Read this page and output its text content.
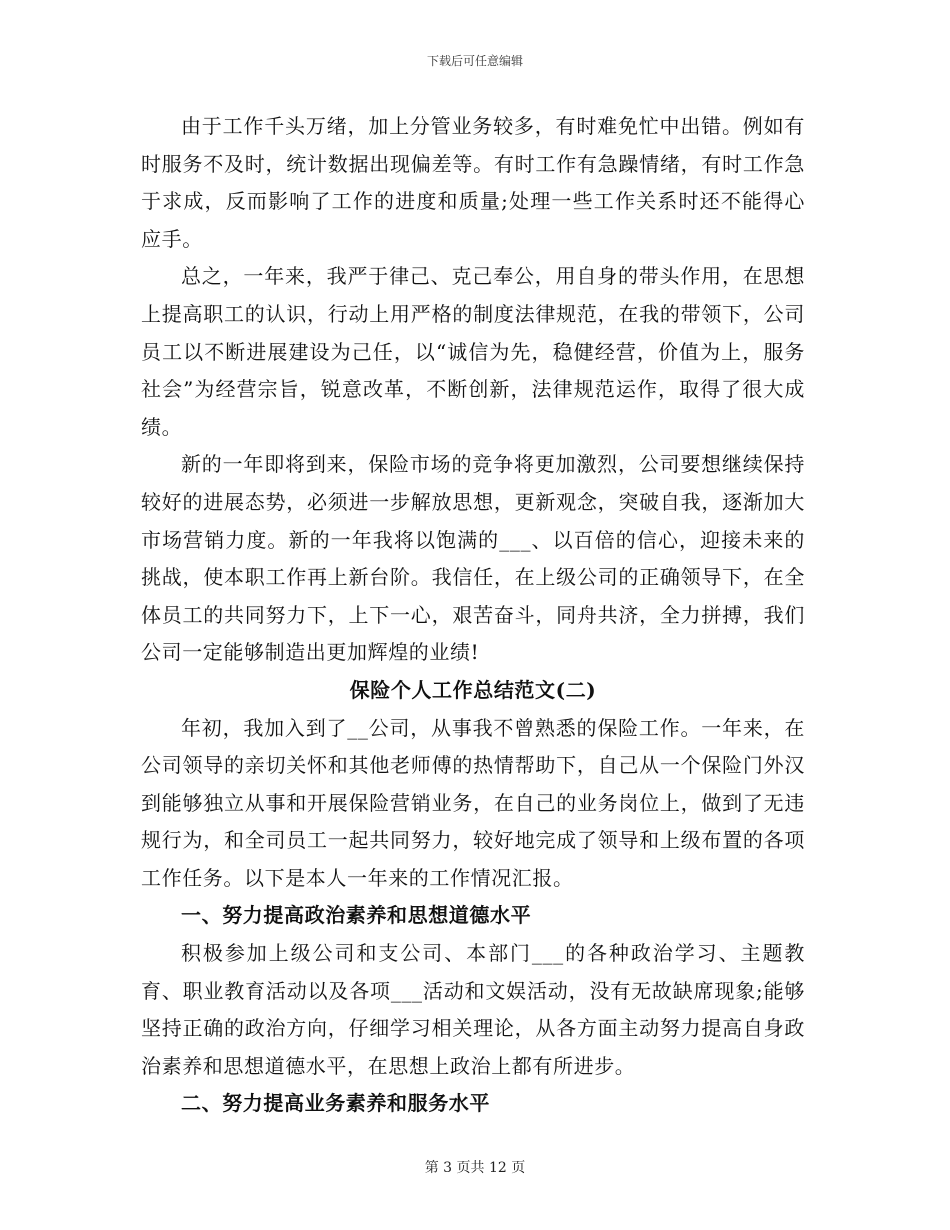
下载后可任意编辑

由于工作千头万绪，加上分管业务较多，有时难免忙中出错。例如有时服务不及时，统计数据出现偏差等。有时工作有急躁情绪，有时工作急于求成，反而影响了工作的进度和质量;处理一些工作关系时还不能得心应手。

总之，一年来，我严于律己、克己奉公，用自身的带头作用，在思想上提高职工的认识，行动上用严格的制度法律规范，在我的带领下，公司员工以不断进展建设为己任，以“诚信为先，稳健经营，价值为上，服务社会”为经营宗旨，锐意改革，不断创新，法律规范运作，取得了很大成绩。

新的一年即将到来，保险市场的竞争将更加激烈，公司要想继续保持较好的进展态势，必须进一步解放思想，更新观念，突破自我，逐渐加大市场营销力度。新的一年我将以饱满的___、以百倍的信心，迎接未来的挑战，使本职工作再上新台阶。我信任，在上级公司的正确领导下，在全体员工的共同努力下，上下一心，艰苦奋斗，同舟共济，全力拼搏，我们公司一定能够制造出更加辉煌的业绩!

保险个人工作总结范文(二)

年初，我加入到了__公司，从事我不曾熟悉的保险工作。一年来，在公司领导的亲切关怀和其他老师傅的热情帮助下，自己从一个保险门外汉到能够独立从事和开展保险营销业务，在自己的业务岗位上，做到了无违规行为，和全司员工一起共同努力，较好地完成了领导和上级布置的各项工作任务。以下是本人一年来的工作情况汇报。

一、努力提高政治素养和思想道德水平

积极参加上级公司和支公司、本部门___的各种政治学习、主题教育、职业教育活动以及各项___活动和文娱活动，没有无故缺席现象;能够坚持正确的政治方向，仔细学习相关理论，从各方面主动努力提高自身政治素养和思想道德水平，在思想上政治上都有所进步。

二、努力提高业务素养和服务水平

第 3 页共 12 页
